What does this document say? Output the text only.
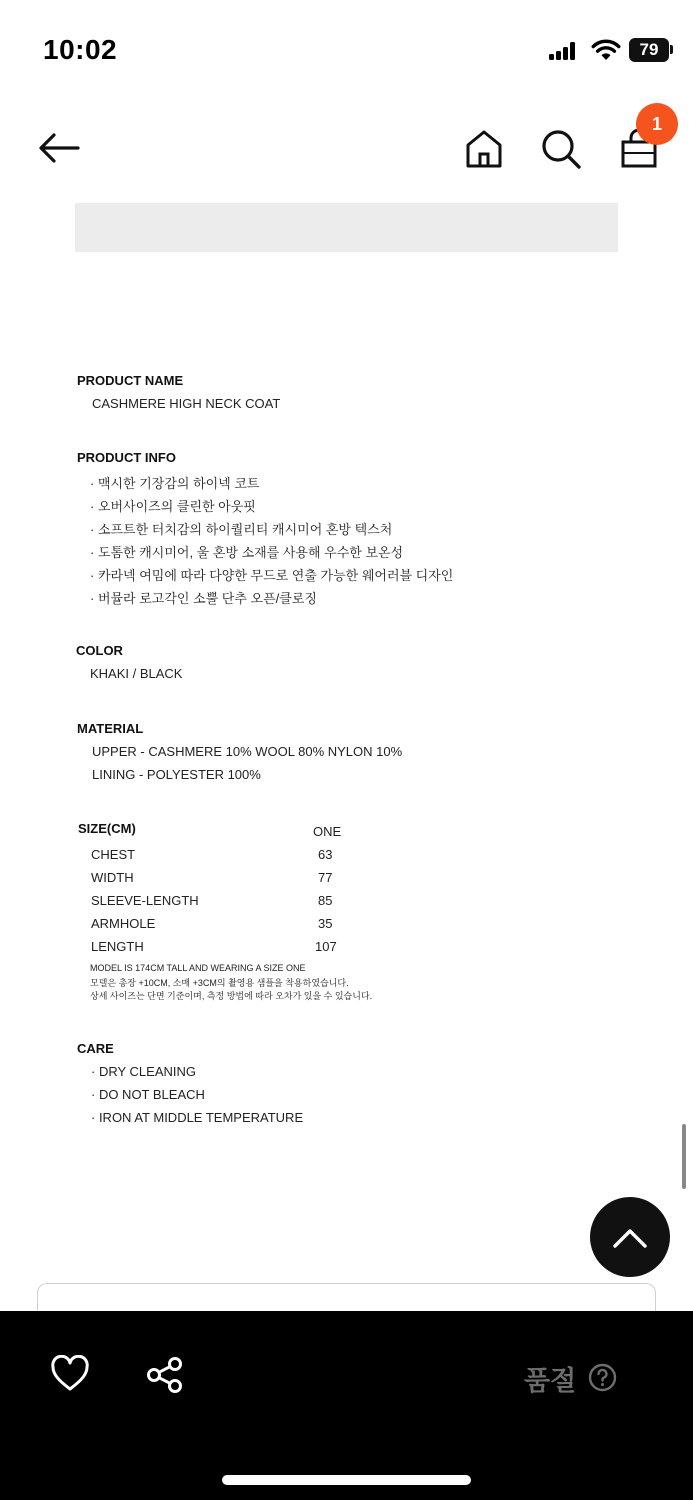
10:02	79
1
PRODUCT NAME
CASHMERE HIGH NECK COAT
PRODUCT INFO
· 맥시한 기장감의 하이넥 코트
· 오버사이즈의 클린한 아웃핏
· 소프트한 터치감의 하이퀄리티 캐시미어 혼방 텍스처
· 도톰한 캐시미어, 울 혼방 소재를 사용해 우수한 보온성
· 카라넥 여밈에 따라 다양한 무드로 연출 가능한 웨어러블 디자인
· 버뮬라 로고각인 소뿔 단추 오픈/클로징
COLOR
KHAKI / BLACK
MATERIAL
UPPER - CASHMERE 10% WOOL 80% NYLON 10%
LINING - POLYESTER 100%
SIZE(CM)	ONE
CHEST	63
WIDTH	77
SLEEVE-LENGTH	85
ARMHOLE	35
LENGTH	107
MODEL IS 174CM TALL AND WEARING A SIZE ONE
모델은 총장 +10CM, 소매 +3CM의 촬영용 샘플을 착용하였습니다.
상세 사이즈는 단면 기준이며, 측정 방법에 따라 오차가 있을 수 있습니다.
CARE
· DRY CLEANING
· DO NOT BLEACH
· IRON AT MIDDLE TEMPERATURE
품절
